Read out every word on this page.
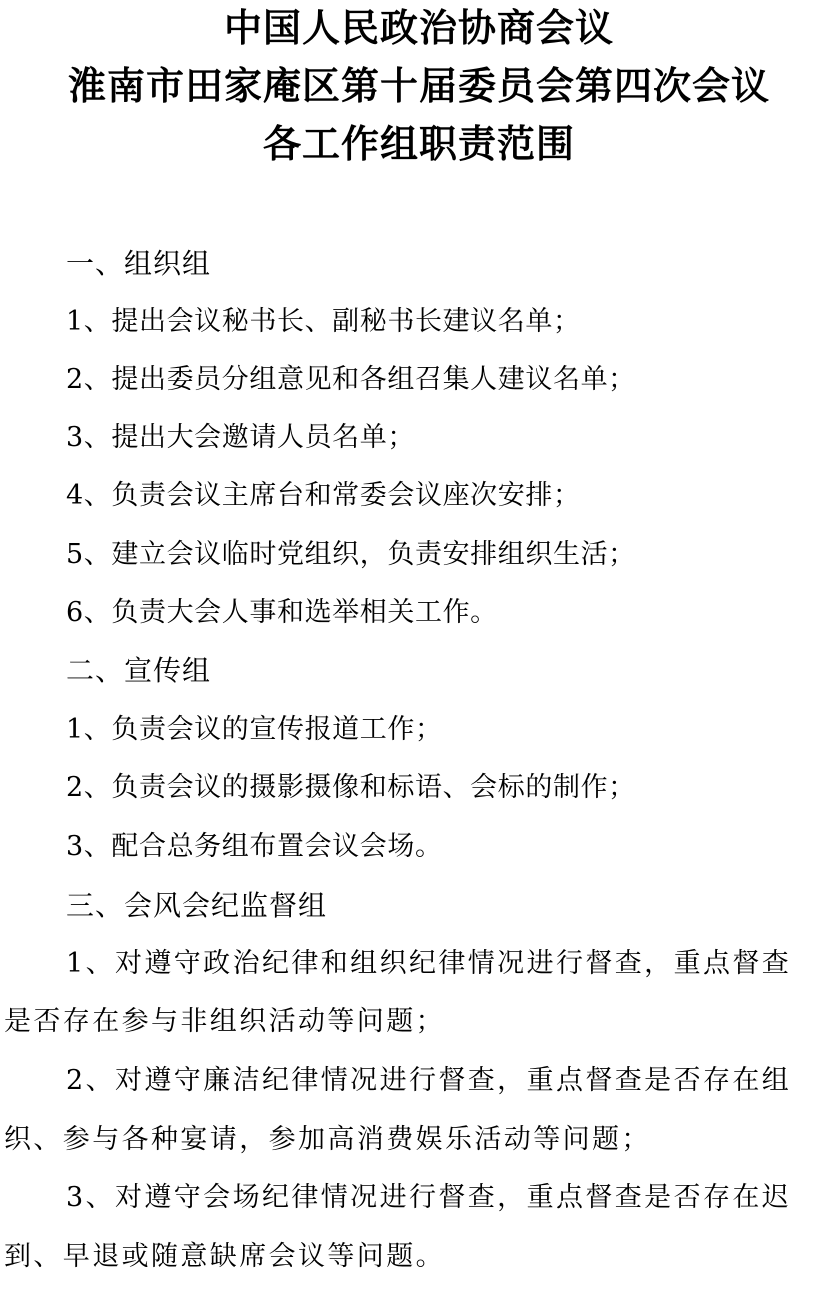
中国人民政治协商会议
淮南市田家庵区第十届委员会第四次会议
各工作组职责范围
一、组织组
1、提出会议秘书长、副秘书长建议名单；
2、提出委员分组意见和各组召集人建议名单；
3、提出大会邀请人员名单；
4、负责会议主席台和常委会议座次安排；
5、建立会议临时党组织，负责安排组织生活；
6、负责大会人事和选举相关工作。
二、宣传组
1、负责会议的宣传报道工作；
2、负责会议的摄影摄像和标语、会标的制作；
3、配合总务组布置会议会场。
三、会风会纪监督组
1、对遵守政治纪律和组织纪律情况进行督查，重点督查
是否存在参与非组织活动等问题；
2、对遵守廉洁纪律情况进行督查，重点督查是否存在组
织、参与各种宴请，参加高消费娱乐活动等问题；
3、对遵守会场纪律情况进行督查，重点督查是否存在迟
到、早退或随意缺席会议等问题。
